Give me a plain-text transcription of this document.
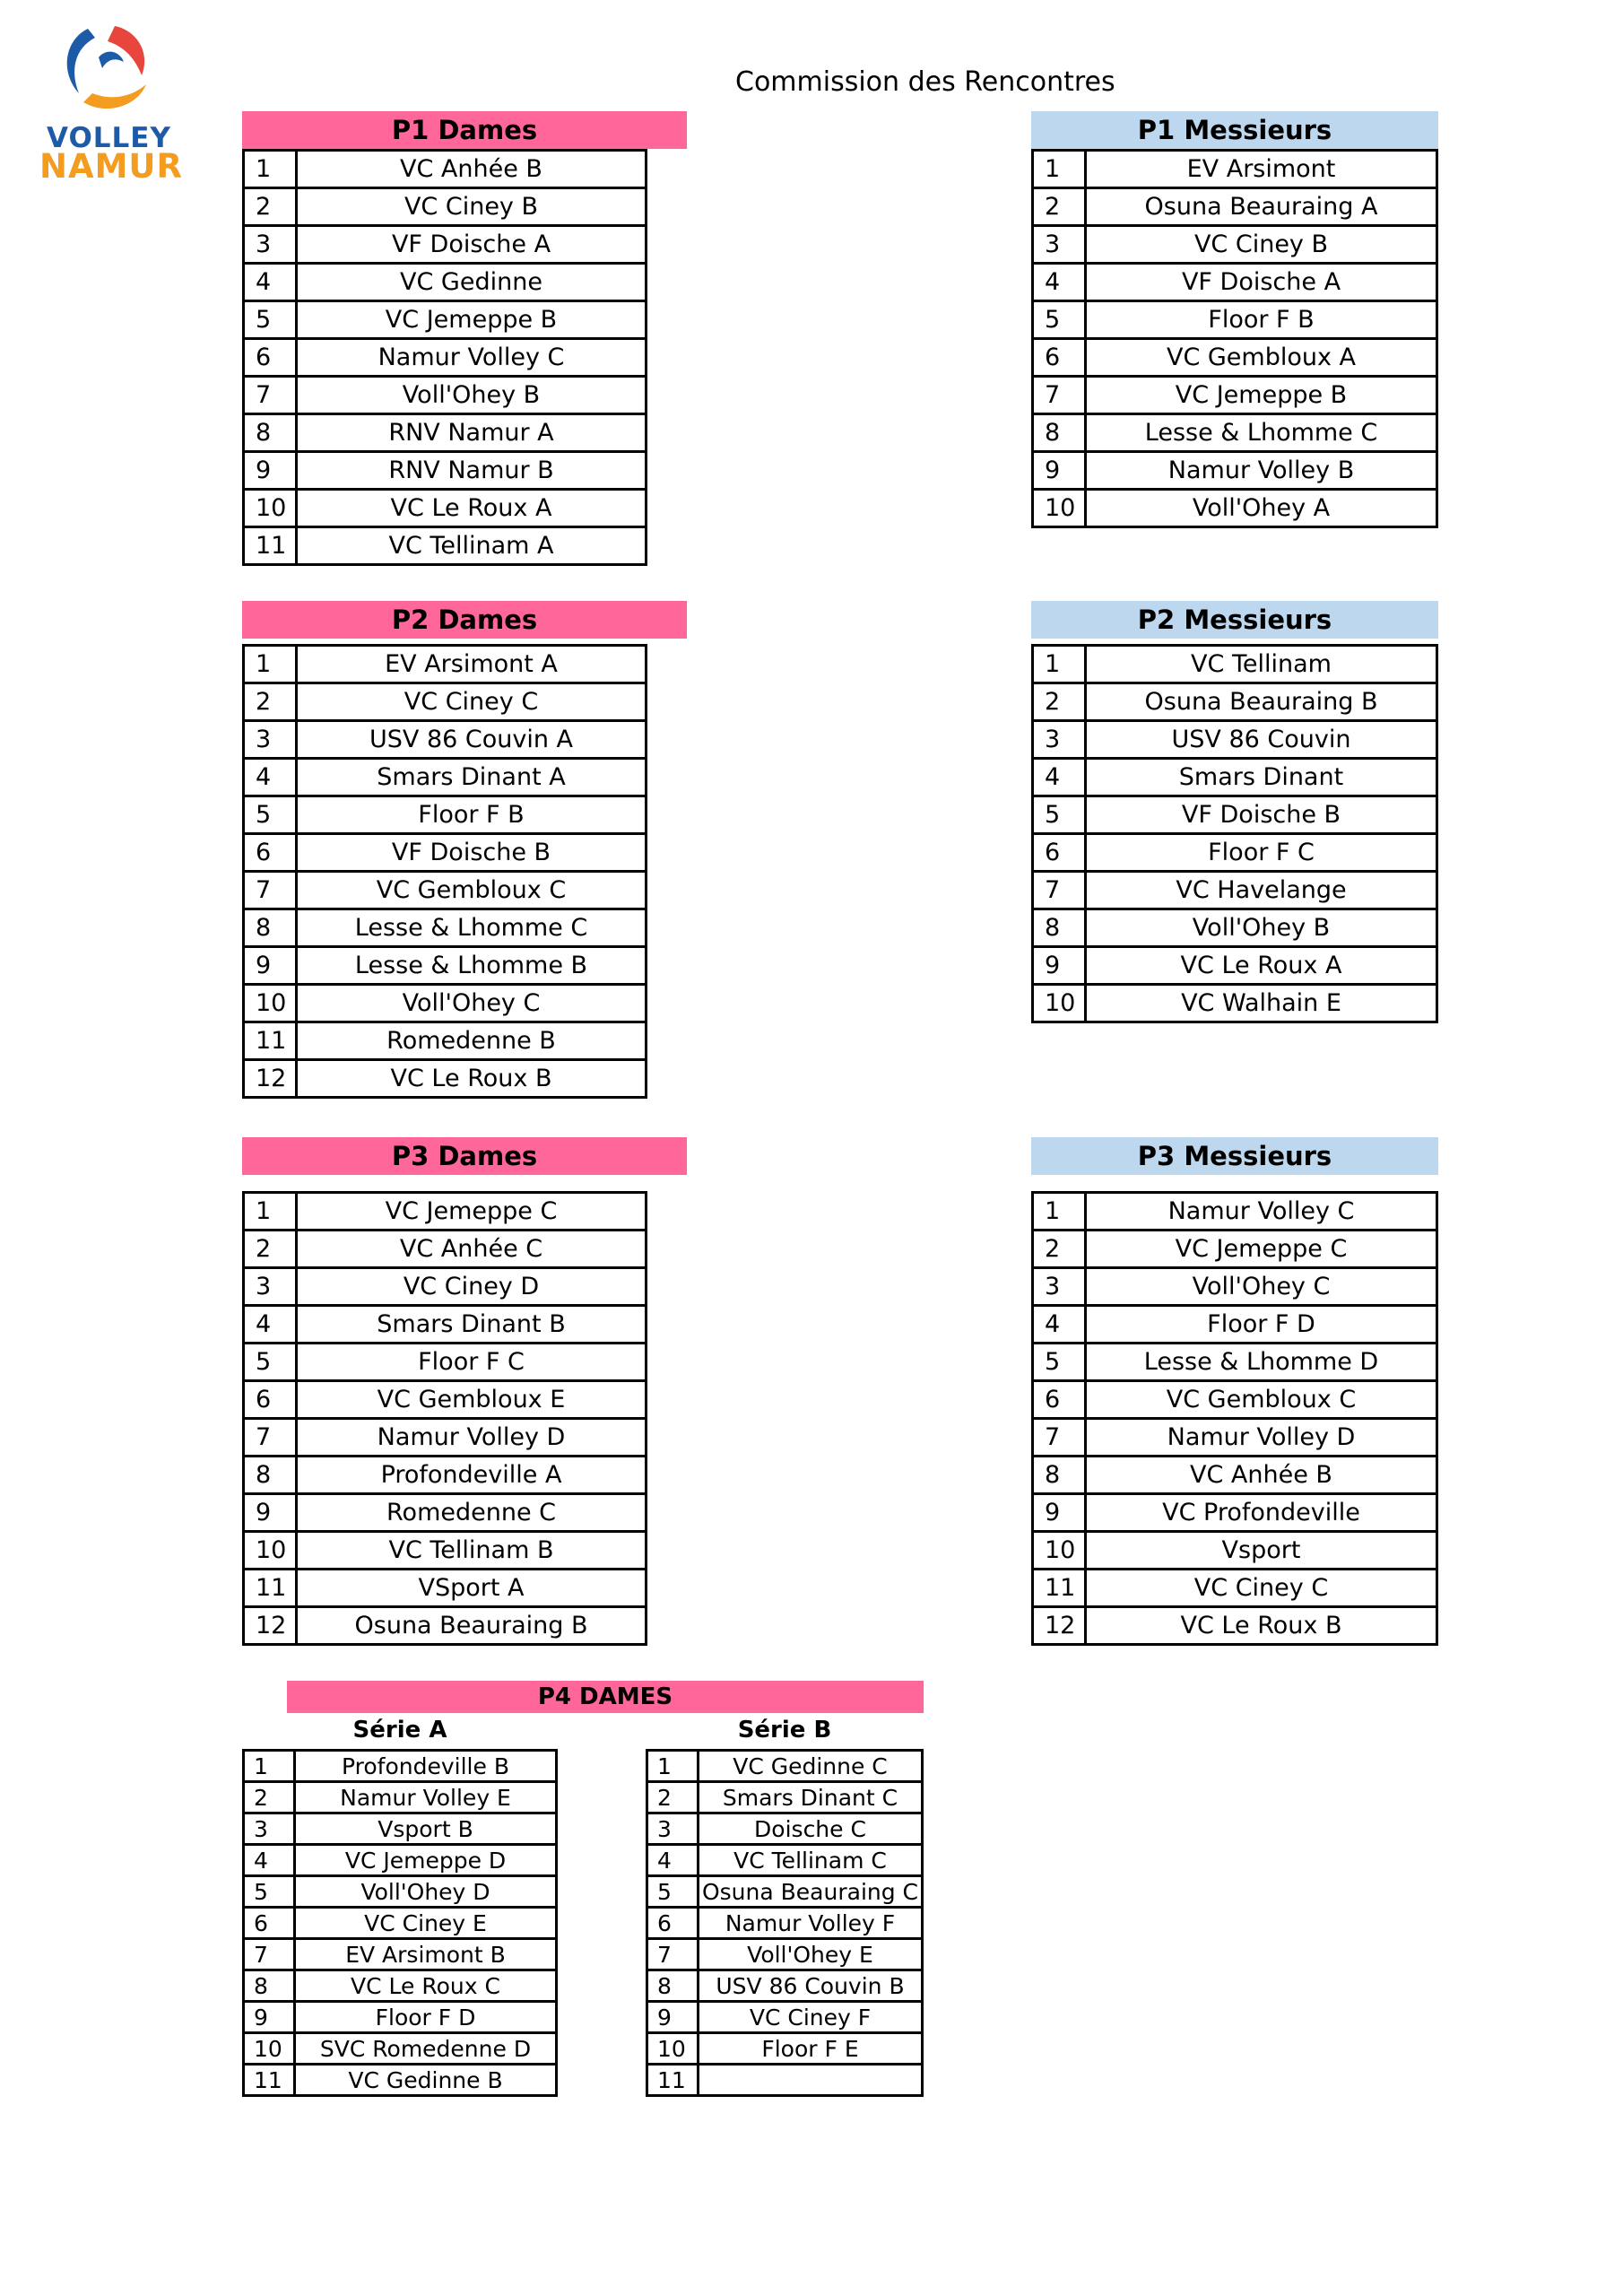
VOLLEY
NAMUR
Commission des Rencontres
P1 Dames
1	VC Anhée B
2	VC Ciney B
3	VF Doische A
4	VC Gedinne
5	VC Jemeppe B
6	Namur Volley C
7	Voll'Ohey B
8	RNV Namur A
9	RNV Namur B
10	VC Le Roux A
11	VC Tellinam A
P1 Messieurs
1	EV Arsimont
2	Osuna Beauraing A
3	VC Ciney B
4	VF Doische A
5	Floor F B
6	VC Gembloux A
7	VC Jemeppe B
8	Lesse & Lhomme C
9	Namur Volley B
10	Voll'Ohey A
P2 Dames
1	EV Arsimont A
2	VC Ciney C
3	USV 86 Couvin A
4	Smars Dinant A
5	Floor F B
6	VF Doische B
7	VC Gembloux C
8	Lesse & Lhomme C
9	Lesse & Lhomme B
10	Voll'Ohey C
11	Romedenne B
12	VC Le Roux B
P2 Messieurs
1	VC Tellinam
2	Osuna Beauraing B
3	USV 86 Couvin
4	Smars Dinant
5	VF Doische B
6	Floor F C
7	VC Havelange
8	Voll'Ohey B
9	VC Le Roux A
10	VC Walhain E
P3 Dames
1	VC Jemeppe C
2	VC Anhée C
3	VC Ciney D
4	Smars Dinant B
5	Floor F C
6	VC Gembloux E
7	Namur Volley D
8	Profondeville A
9	Romedenne C
10	VC Tellinam B
11	VSport A
12	Osuna Beauraing B
P3 Messieurs
1	Namur Volley C
2	VC Jemeppe C
3	Voll'Ohey C
4	Floor F D
5	Lesse & Lhomme D
6	VC Gembloux C
7	Namur Volley D
8	VC Anhée B
9	VC Profondeville
10	Vsport
11	VC Ciney C
12	VC Le Roux B
P4 DAMES
Série A	Série B
1	Profondeville B
2	Namur Volley E
3	Vsport B
4	VC Jemeppe D
5	Voll'Ohey D
6	VC Ciney E
7	EV Arsimont B
8	VC Le Roux C
9	Floor F D
10	SVC Romedenne D
11	VC Gedinne B
1	VC Gedinne C
2	Smars Dinant C
3	Doische C
4	VC Tellinam C
5	Osuna Beauraing C
6	Namur Volley F
7	Voll'Ohey E
8	USV 86 Couvin B
9	VC Ciney F
10	Floor F E
11	
